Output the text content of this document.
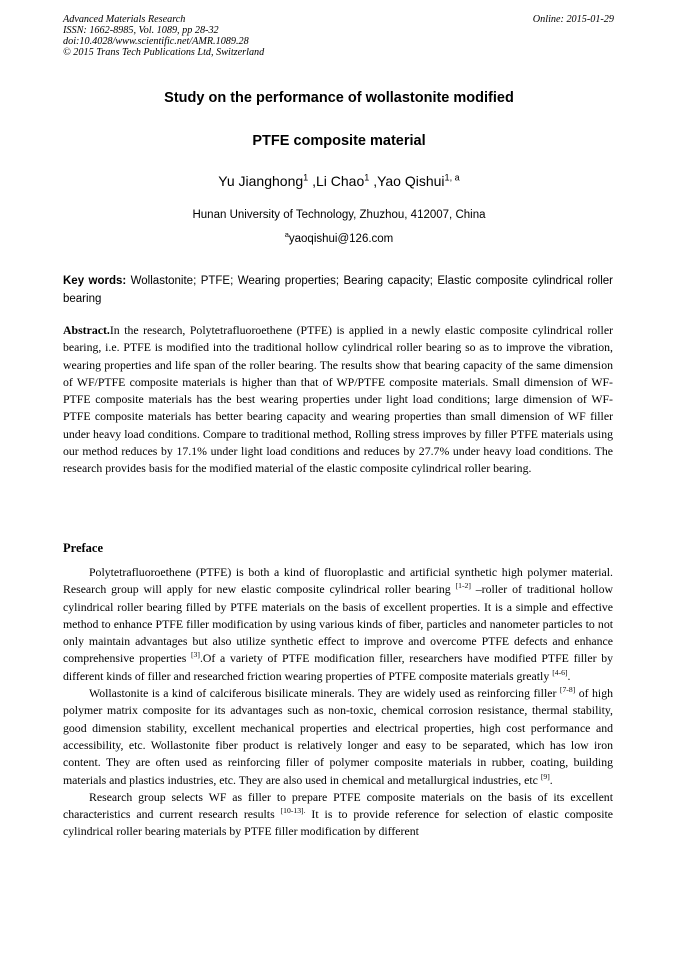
Advanced Materials Research
ISSN: 1662-8985, Vol. 1089, pp 28-32
doi:10.4028/www.scientific.net/AMR.1089.28
© 2015 Trans Tech Publications Ltd, Switzerland
Online: 2015-01-29
Study on the performance of wollastonite modified
PTFE composite material
Yu Jianghong$^1$ ,Li Chao$^1$ ,Yao Qishui$^{1, a}$
Hunan University of Technology, Zhuzhou, 412007, China
$^a$yaoqishui@126.com
Key words: Wollastonite; PTFE; Wearing properties; Bearing capacity; Elastic composite cylindrical roller bearing
Abstract.In the research, Polytetrafluoroethene (PTFE) is applied in a newly elastic composite cylindrical roller bearing, i.e. PTFE is modified into the traditional hollow cylindrical roller bearing so as to improve the vibration, wearing properties and life span of the roller bearing. The results show that bearing capacity of the same dimension of WF/PTFE composite materials is higher than that of WP/PTFE composite materials. Small dimension of WF-PTFE composite materials has the best wearing properties under light load conditions; large dimension of WF-PTFE composite materials has better bearing capacity and wearing properties than small dimension of WF filler under heavy load conditions. Compare to traditional method, Rolling stress improves by filler PTFE materials using our method reduces by 17.1% under light load conditions and reduces by 27.7% under heavy load conditions. The research provides basis for the modified material of the elastic composite cylindrical roller bearing.
Preface

Polytetrafluoroethene (PTFE) is both a kind of fluoroplastic and artificial synthetic high polymer material. Research group will apply for new elastic composite cylindrical roller bearing [1-2] –roller of traditional hollow cylindrical roller bearing filled by PTFE materials on the basis of excellent properties. It is a simple and effective method to enhance PTFE filler modification by using various kinds of fiber, particles and nanometer particles to not only maintain advantages but also utilize synthetic effect to improve and overcome PTFE defects and enhance comprehensive properties [3].Of a variety of PTFE modification filler, researchers have modified PTFE filler by different kinds of filler and researched friction wearing properties of PTFE composite materials greatly [4-6].

Wollastonite is a kind of calciferous bisilicate minerals. They are widely used as reinforcing filler [7-8] of high polymer matrix composite for its advantages such as non-toxic, chemical corrosion resistance, thermal stability, good dimension stability, excellent mechanical properties and electrical properties, high cost performance and accessibility, etc. Wollastonite fiber product is relatively longer and easy to be separated, which has low iron content. They are often used as reinforcing filler of polymer composite materials in rubber, coating, building materials and plastics industries, etc. They are also used in chemical and metallurgical industries, etc [9].

Research group selects WF as filler to prepare PTFE composite materials on the basis of its excellent characteristics and current research results $^{[10-13].}$ It is to provide reference for selection of elastic composite cylindrical roller bearing materials by PTFE filler modification by different
